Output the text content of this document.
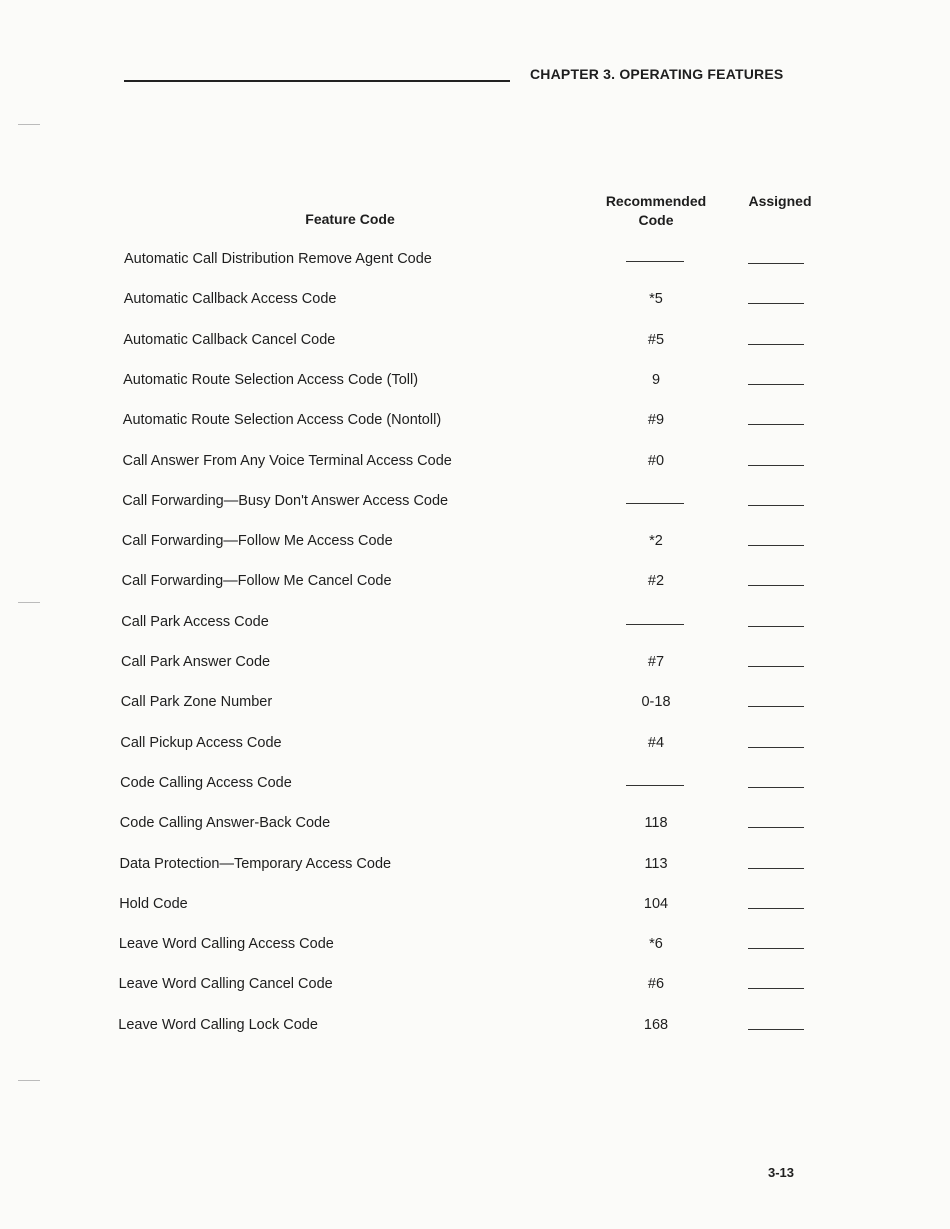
CHAPTER 3. OPERATING FEATURES
Feature Code
Recommended
Code
Assigned
Automatic Call Distribution Remove Agent Code
Automatic Callback Access Code	*5
Automatic Callback Cancel Code	#5
Automatic Route Selection Access Code (Toll)	9
Automatic Route Selection Access Code (Nontoll)	#9
Call Answer From Any Voice Terminal Access Code	#0
Call Forwarding—Busy Don't Answer Access Code
Call Forwarding—Follow Me Access Code	*2
Call Forwarding—Follow Me Cancel Code	#2
Call Park Access Code
Call Park Answer Code	#7
Call Park Zone Number	0-18
Call Pickup Access Code	#4
Code Calling Access Code
Code Calling Answer-Back Code	118
Data Protection—Temporary Access Code	113
Hold Code	104
Leave Word Calling Access Code	*6
Leave Word Calling Cancel Code	#6
Leave Word Calling Lock Code	168
3-13
